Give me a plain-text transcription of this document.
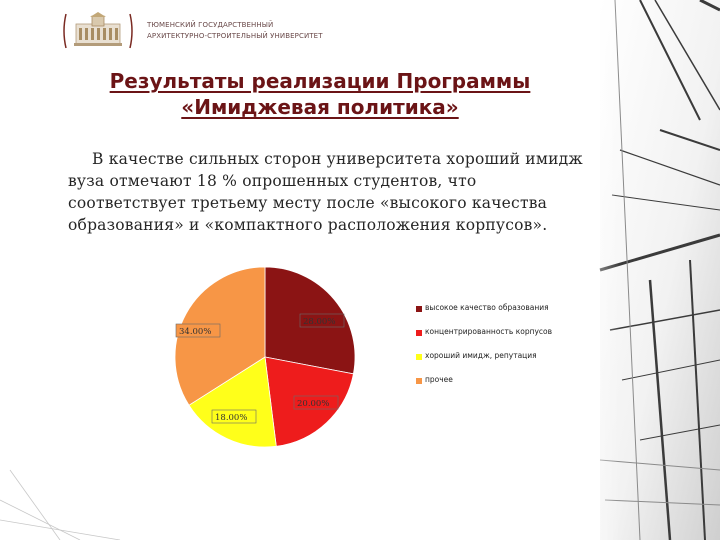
ТЮМЕНСКИЙ ГОСУДАРСТВЕННЫЙ
АРХИТЕКТУРНО-СТРОИТЕЛЬНЫЙ УНИВЕРСИТЕТ
Результаты реализации Программы
«Имиджевая политика»
В качестве сильных сторон университета хороший имидж вуза отмечают 18 % опрошенных студентов, что соответствует третьему месту после «высокого качества образования» и «компактного расположения корпусов».
28.00%
20.00%
18.00%
34.00%
высокое качество образования
концентрированность корпусов
хороший имидж, репутация
прочее
